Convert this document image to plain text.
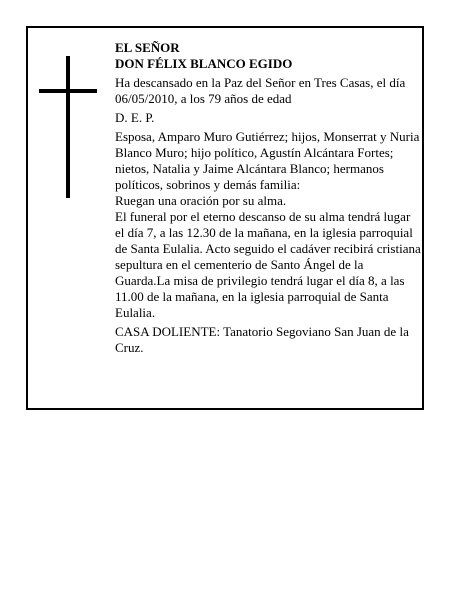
EL SEÑOR

DON FÉLIX BLANCO EGIDO

Ha descansado en la Paz del Señor en Tres Casas, el día 06/05/2010, a los 79 años de edad

D. E. P.

Esposa, Amparo Muro Gutiérrez; hijos, Monserrat y Nuria Blanco Muro; hijo político, Agustín Alcántara Fortes; nietos, Natalia y Jaime Alcántara Blanco; hermanos políticos, sobrinos y demás familia:

Ruegan una oración por su alma.

El funeral por el eterno descanso de su alma tendrá lugar el día 7, a las 12.30 de la mañana, en la iglesia parroquial de Santa Eulalia. Acto seguido el cadáver recibirá cristiana sepultura en el cementerio de Santo Ángel de la Guarda.La misa de privilegio tendrá lugar el día 8, a las 11.00 de la mañana, en la iglesia parroquial de Santa Eulalia.

CASA DOLIENTE: Tanatorio Segoviano San Juan de la Cruz.
